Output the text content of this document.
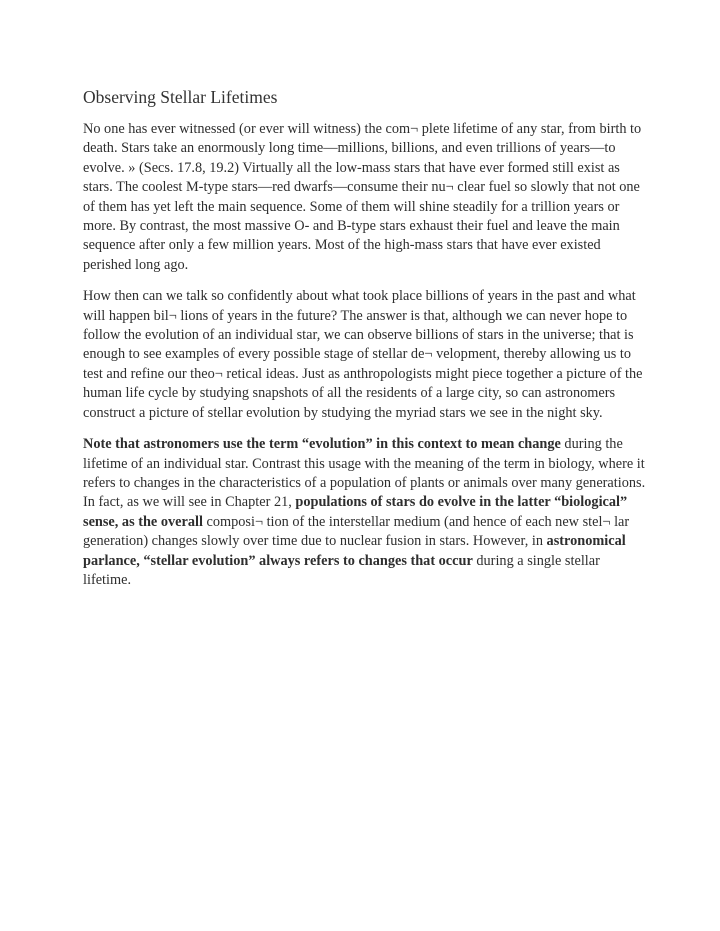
Observing Stellar Lifetimes

No one has ever witnessed (or ever will witness) the com¬ plete lifetime of any star, from birth to death. Stars take an enormously long time—millions, billions, and even trillions of years—to evolve. » (Secs. 17.8, 19.2) Virtually all the low-mass stars that have ever formed still exist as stars. The coolest M-type stars—red dwarfs—consume their nu¬ clear fuel so slowly that not one of them has yet left the main sequence. Some of them will shine steadily for a trillion years or more. By contrast, the most massive O- and B-type stars exhaust their fuel and leave the main sequence after only a few million years. Most of the high-mass stars that have ever existed perished long ago.

How then can we talk so confidently about what took place billions of years in the past and what will happen bil¬ lions of years in the future? The answer is that, although we can never hope to follow the evolution of an individual star, we can observe billions of stars in the universe; that is enough to see examples of every possible stage of stellar de¬ velopment, thereby allowing us to test and refine our theo¬ retical ideas. Just as anthropologists might piece together a picture of the human life cycle by studying snapshots of all the residents of a large city, so can astronomers construct a picture of stellar evolution by studying the myriad stars we see in the night sky.

Note that astronomers use the term “evolution” in this context to mean change during the lifetime of an individual star. Contrast this usage with the meaning of the term in biology, where it refers to changes in the characteristics of a population of plants or animals over many generations. In fact, as we will see in Chapter 21, populations of stars do evolve in the latter “biological” sense, as the overall composi¬ tion of the interstellar medium (and hence of each new stel¬ lar generation) changes slowly over time due to nuclear fusion in stars. However, in astronomical parlance, “stellar evolution” always refers to changes that occur during a single stellar lifetime.
